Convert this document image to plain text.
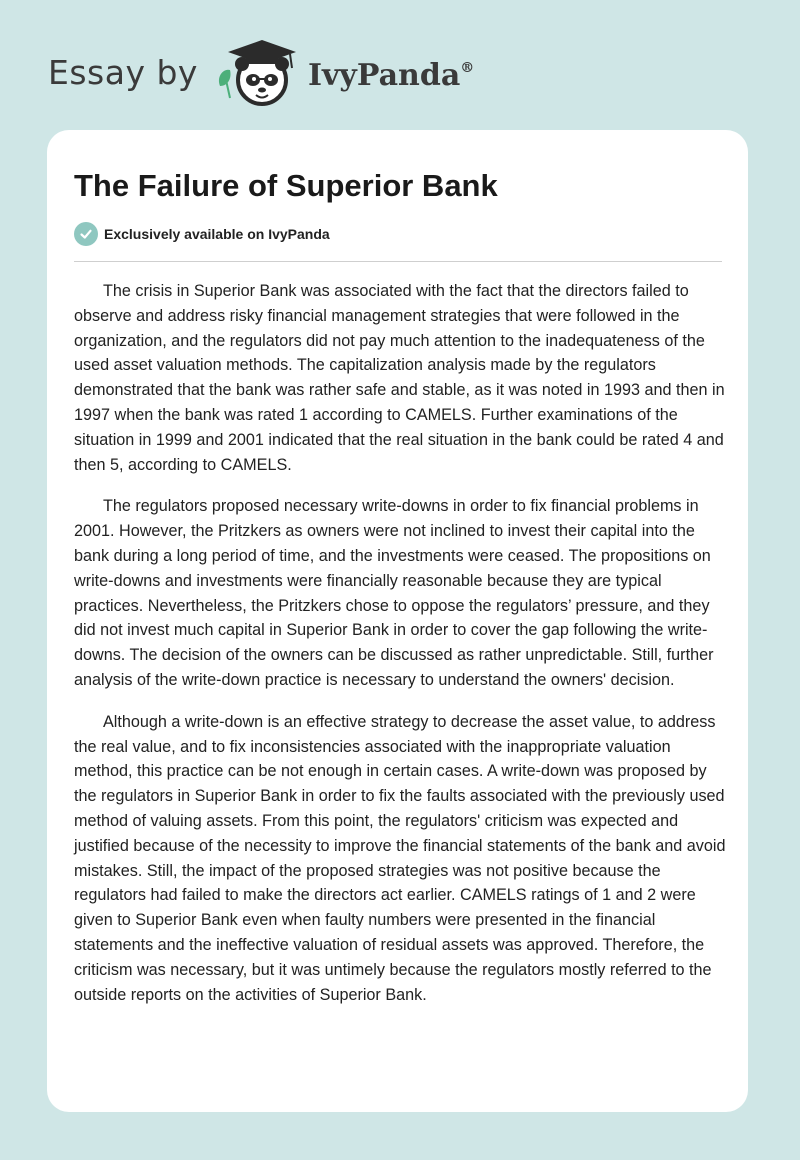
Essay by	IvyPanda®
The Failure of Superior Bank
Exclusively available on IvyPanda

The crisis in Superior Bank was associated with the fact that the directors failed to observe and address risky financial management strategies that were followed in the organization, and the regulators did not pay much attention to the inadequateness of the used asset valuation methods. The capitalization analysis made by the regulators demonstrated that the bank was rather safe and stable, as it was noted in 1993 and then in 1997 when the bank was rated 1 according to CAMELS. Further examinations of the situation in 1999 and 2001 indicated that the real situation in the bank could be rated 4 and then 5, according to CAMELS.

The regulators proposed necessary write-downs in order to fix financial problems in 2001. However, the Pritzkers as owners were not inclined to invest their capital into the bank during a long period of time, and the investments were ceased. The propositions on write-downs and investments were financially reasonable because they are typical practices. Nevertheless, the Pritzkers chose to oppose the regulators’ pressure, and they did not invest much capital in Superior Bank in order to cover the gap following the write-downs. The decision of the owners can be discussed as rather unpredictable. Still, further analysis of the write-down practice is necessary to understand the owners' decision.

Although a write-down is an effective strategy to decrease the asset value, to address the real value, and to fix inconsistencies associated with the inappropriate valuation method, this practice can be not enough in certain cases. A write-down was proposed by the regulators in Superior Bank in order to fix the faults associated with the previously used method of valuing assets. From this point, the regulators' criticism was expected and justified because of the necessity to improve the financial statements of the bank and avoid mistakes. Still, the impact of the proposed strategies was not positive because the regulators had failed to make the directors act earlier. CAMELS ratings of 1 and 2 were given to Superior Bank even when faulty numbers were presented in the financial statements and the ineffective valuation of residual assets was approved. Therefore, the criticism was necessary, but it was untimely because the regulators mostly referred to the outside reports on the activities of Superior Bank.
